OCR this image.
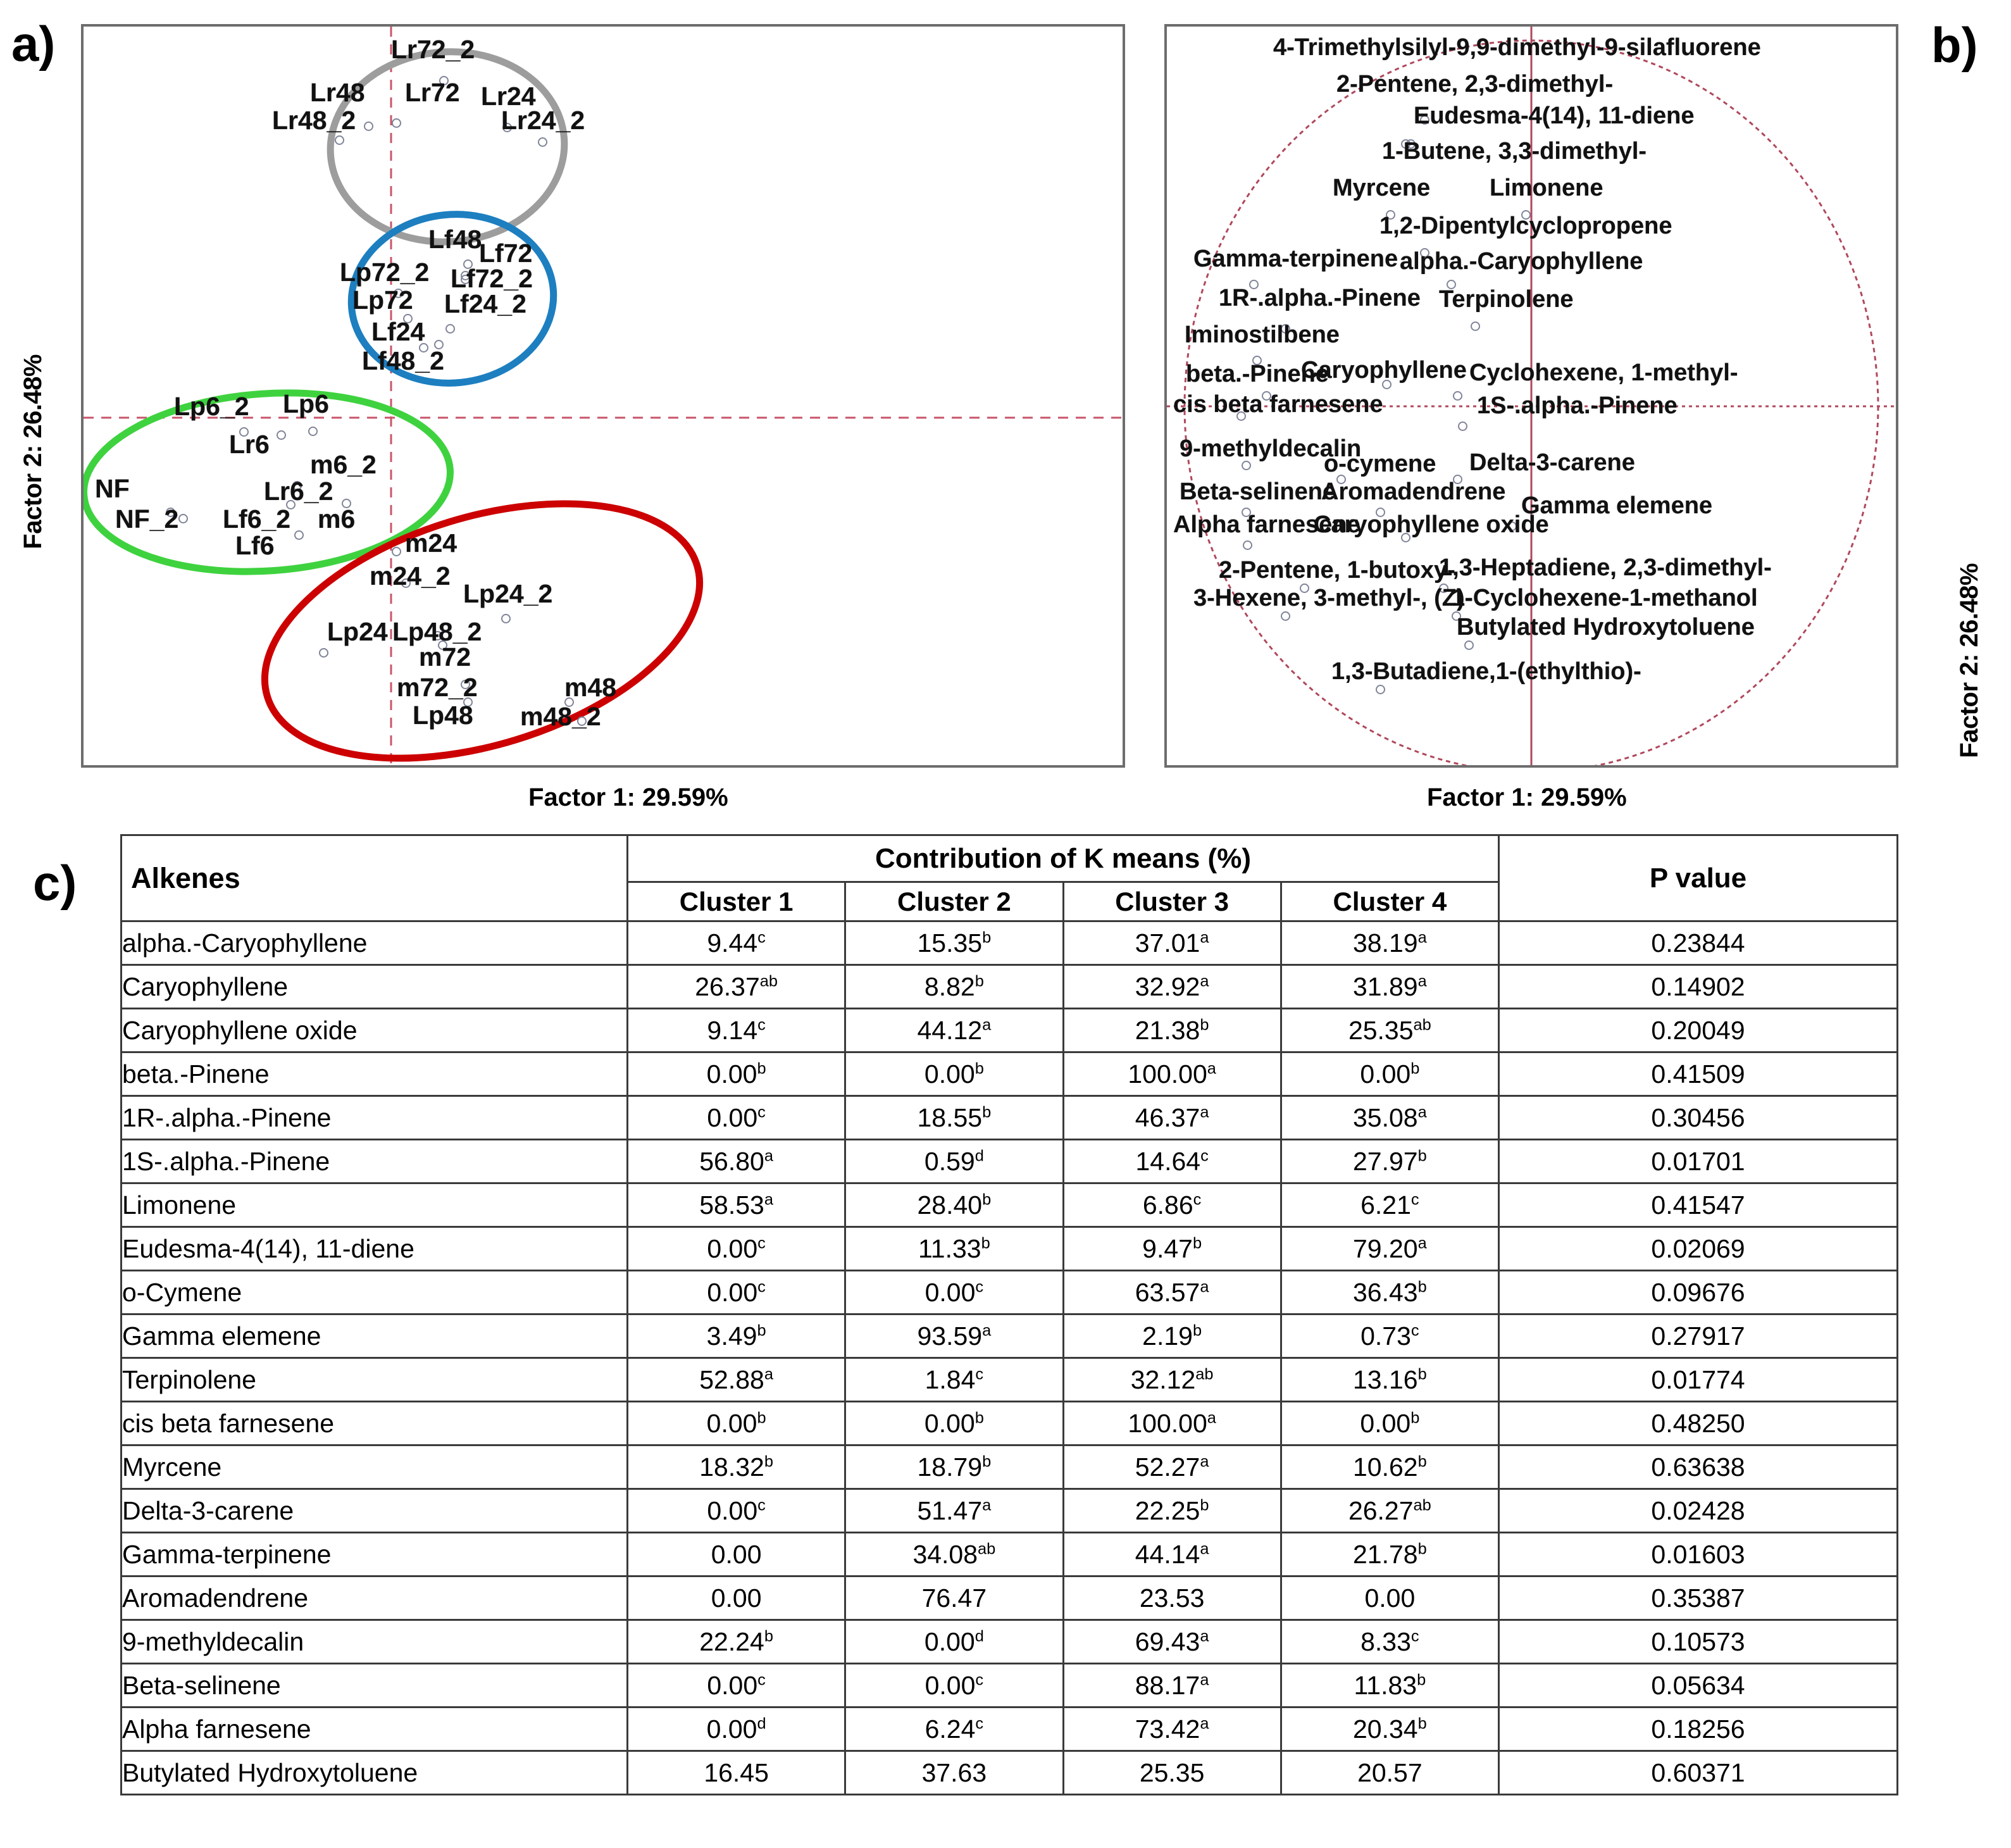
a)	Lr72_2
Lr48 Lr72 Lr24
Lr48_2	Lr24_2
Lf48
Lf72
Lp72_2 Lf72_2
Lp72 Lf24_2
Lf24
Lf48_2
Lp6_2 Lp6
Lr6
m6_2
Lr6_2
NF
NF_2 Lf6_2 m6
Lf6	m24
m24_2
Lp24_2
Lp24 Lp48_2
m72
m72_2	m48
Lp48 m48_2
Factor 2: 26.48%
Factor 1: 29.59%
b)
4-Trimethylsilyl-9,9-dimethyl-9-silafluorene
2-Pentene, 2,3-dimethyl-
Eudesma-4(14), 11-diene
1-Butene, 3,3-dimethyl-
Myrcene Limonene
1,2-Dipentylcyclopropene
Gamma-terpinene alpha.-Caryophyllene
1R-.alpha.-Pinene Terpinolene
Iminostilbene
beta.-Pinene
Caryophyllene Cyclohexene, 1-methyl-
cis beta farnesene	1S-.alpha.-Pinene
9-methyldecalin
o-cymene Delta-3-carene
Beta-selinene
Aromadendrene
Gamma elemene
Alpha farnesene
Caryophyllene oxide
2-Pentene, 1-butoxy-
1,3-Heptadiene, 2,3-dimethyl-
3-Hexene, 3-methyl-, (Z)-
1-Cyclohexene-1-methanol
Butylated Hydroxytoluene
1,3-Butadiene,1-(ethylthio)-	Factor 2: 26.48%
Factor 1: 29.59%
c) Alkenes	Contribution of K means (%)				P value
	Cluster 1	Cluster 2	Cluster 3	Cluster 4	
alpha.-Caryophyllene	9.44$^c$	15.35$^b$	37.01$^a$	38.19$^a$	0.23844
Caryophyllene	26.37$^{ab}$	8.82$^b$	32.92$^a$	31.89$^a$	0.14902
Caryophyllene oxide	9.14$^c$	44.12$^a$	21.38$^b$	25.35$^{ab}$	0.20049
beta.-Pinene	0.00$^b$	0.00$^b$	100.00$^a$	0.00$^b$	0.41509
1R-.alpha.-Pinene	0.00$^c$	18.55$^b$	46.37$^a$	35.08$^a$	0.30456
1S-.alpha.-Pinene	56.80$^a$	0.59$^d$	14.64$^c$	27.97$^b$	0.01701
Limonene	58.53$^a$	28.40$^b$	6.86$^c$	6.21$^c$	0.41547
Eudesma-4(14), 11-diene	0.00$^c$	11.33$^b$	9.47$^b$	79.20$^a$	0.02069
o-Cymene	0.00$^c$	0.00$^c$	63.57$^a$	36.43$^b$	0.09676
Gamma elemene	3.49$^b$	93.59$^a$	2.19$^b$	0.73$^c$	0.27917
Terpinolene	52.88$^a$	1.84$^c$	32.12$^{ab}$	13.16$^b$	0.01774
cis beta farnesene	0.00$^b$	0.00$^b$	100.00$^a$	0.00$^b$	0.48250
Myrcene	18.32$^b$	18.79$^b$	52.27$^a$	10.62$^b$	0.63638
Delta-3-carene	0.00$^c$	51.47$^a$	22.25$^b$	26.27$^{ab}$	0.02428
Gamma-terpinene	0.00	34.08$^{ab}$	44.14$^a$	21.78$^b$	0.01603
Aromadendrene	0.00	76.47	23.53	0.00	0.35387
9-methyldecalin	22.24$^b$	0.00$^d$	69.43$^a$	8.33$^c$	0.10573
Beta-selinene	0.00$^c$	0.00$^c$	88.17$^a$	11.83$^b$	0.05634
Alpha farnesene	0.00$^d$	6.24$^c$	73.42$^a$	20.34$^b$	0.18256
Butylated Hydroxytoluene	16.45	37.63	25.35	20.57	0.60371
